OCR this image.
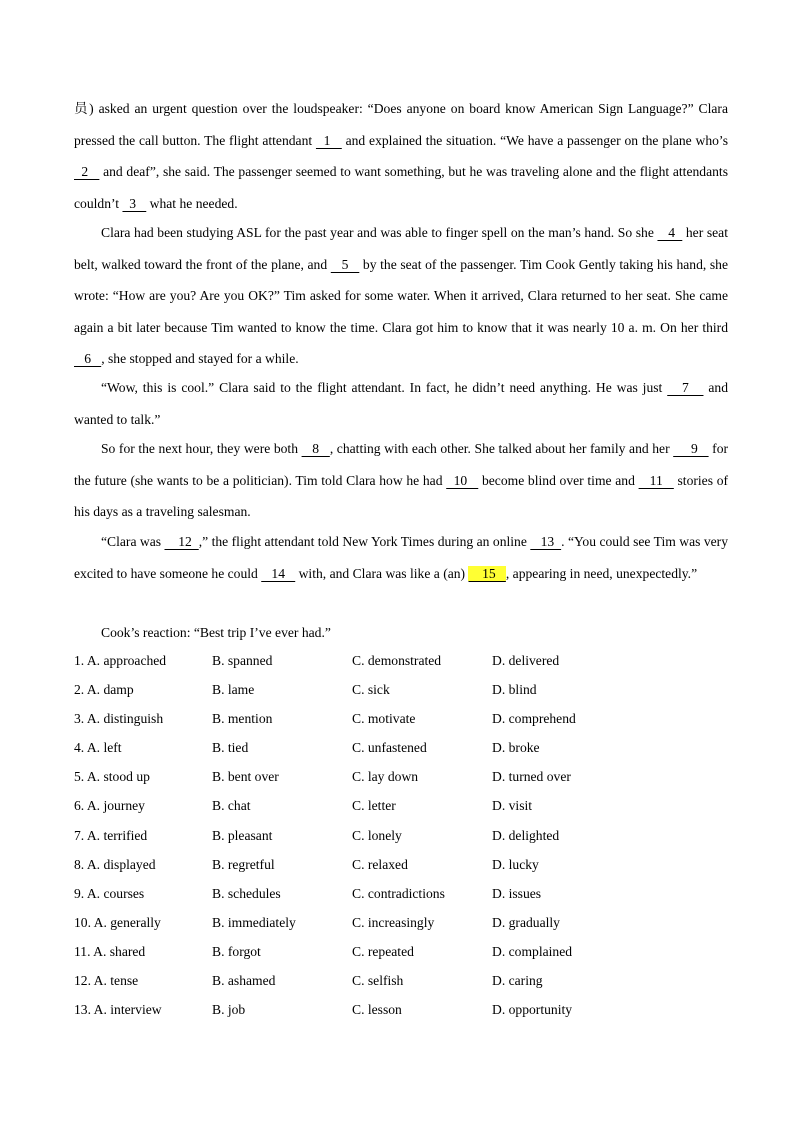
员) asked an urgent question over the loudspeaker: “Does anyone on board know American Sign Language?” Clara pressed the call button. The flight attendant   1    and explained the situation. “We have a passenger on the plane who’s   2    and deaf”, she said. The passenger seemed to want something, but he was traveling alone and the flight attendants couldn’t   3    what he needed.

Clara had been studying ASL for the past year and was able to finger spell on the man’s hand. So she    4   her seat belt, walked toward the front of the plane, and    5    by the seat of the passenger. Tim Cook Gently taking his hand, she wrote: “How are you? Are you OK?” Tim asked for some water. When it arrived, Clara returned to her seat. She came again a bit later because Tim wanted to know the time. Clara got him to know that it was nearly 10 a. m. On her third    6   , she stopped and stayed for a while.

“Wow, this is cool.” Clara said to the flight attendant. In fact, he didn’t need anything. He was just    7    and wanted to talk.”

So for the next hour, they were both    8   , chatting with each other. She talked about her family and her      9    for the future (she wants to be a politician). Tim told Clara how he had   10    become blind over time and    11    stories of his days as a traveling salesman.

“Clara was     12  ,” the flight attendant told New York Times during an online    13  . “You could see Tim was very excited to have someone he could    14    with, and Clara was like a (an)     15   , appearing in need, unexpectedly.”

Cook’s reaction: “Best trip I’ve ever had.”

1. A. approached	B. spanned	C. demonstrated	D. delivered
2. A. damp	B. lame	C. sick	D. blind
3. A. distinguish	B. mention	C. motivate	D. comprehend
4. A. left	B. tied	C. unfastened	D. broke
5. A. stood up	B. bent over	C. lay down	D. turned over
6. A. journey	B. chat	C. letter	D. visit
7. A. terrified	B. pleasant	C. lonely	D. delighted
8. A. displayed	B. regretful	C. relaxed	D. lucky
9. A. courses	B. schedules	C. contradictions	D. issues
10. A. generally	B. immediately	C. increasingly	D. gradually
11. A. shared	B. forgot	C. repeated	D. complained
12. A. tense	B. ashamed	C. selfish	D. caring
13. A. interview	B. job	C. lesson	D. opportunity
